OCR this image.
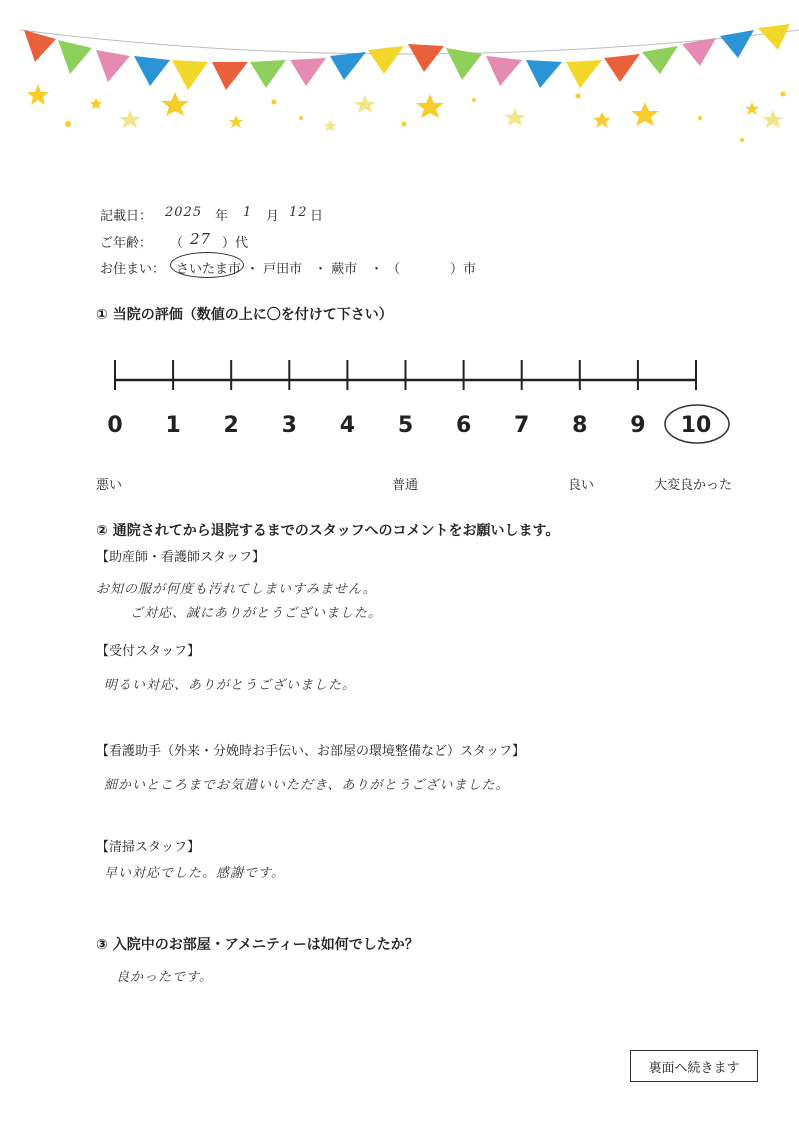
記載日： 2025 年 1 月 12 日
ご年齢： （ 27 ）代
お住まい： さいたま市 ・ 戸田市 ・ 蕨市 ・ （	）市
① 当院の評価（数値の上に〇を付けて下さい）
0 1 2 3 4 5 6 7 8 9 10
悪い	普通	良い	大変良かった
② 通院されてから退院するまでのスタッフへのコメントをお願いします。
【助産師・看護師スタッフ】
お知の服が何度も汚れてしまいすみません。
ご対応、誠にありがとうございました。
【受付スタッフ】
明るい対応、ありがとうございました。
【看護助手（外来・分娩時お手伝い、お部屋の環境整備など）スタッフ】
細かいところまでお気遣いいただき、ありがとうございました。
【清掃スタッフ】
早い対応でした。感謝です。
③ 入院中のお部屋・アメニティーは如何でしたか？
良かったです。
裏面へ続きます
